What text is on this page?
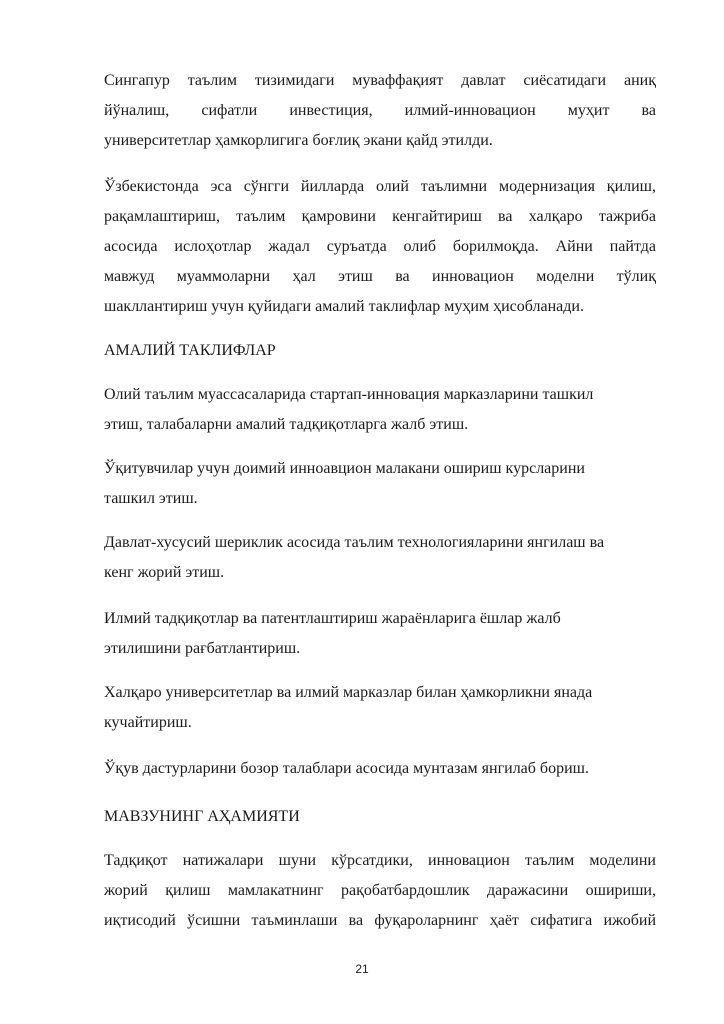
Сингапур таълим тизимидаги муваффақият давлат сиёсатидаги аниқ

йўналиш, сифатли инвестиция, илмий-инновацион муҳит ва

университетлар ҳамкорлигига боғлиқ экани қайд этилди.

Ўзбекистонда эса сўнгги йилларда олий таълимни модернизация қилиш,

рақамлаштириш, таълим қамровини кенгайтириш ва халқаро тажриба

асосида ислоҳотлар жадал суръатда олиб борилмоқда. Айни пайтда

мавжуд муаммоларни ҳал этиш ва инновацион моделни тўлиқ

шакллантириш учун қуйидаги амалий таклифлар муҳим ҳисобланади.

АМАЛИЙ ТАКЛИФЛАР

Олий таълим муассасаларида стартап-инновация марказларини ташкил

этиш, талабаларни амалий тадқиқотларга жалб этиш.

Ўқитувчилар учун доимий инноавцион малакани ошириш курсларини

ташкил этиш.

Давлат-хусусий шериклик асосида таълим технологияларини янгилаш ва

кенг жорий этиш.

Илмий тадқиқотлар ва патентлаштириш жараёнларига ёшлар жалб

этилишини рағбатлантириш.

Халқаро университетлар ва илмий марказлар билан ҳамкорликни янада

кучайтириш.

Ўқув дастурларини бозор талаблари асосида мунтазам янгилаб бориш.

МАВЗУНИНГ АҲАМИЯТИ

Тадқиқот натижалари шуни кўрсатдики, инновацион таълим моделини

жорий қилиш мамлакатнинг рақобатбардошлик даражасини ошириши,

иқтисодий ўсишни таъминлаши ва фуқароларнинг ҳаёт сифатига ижобий

21
